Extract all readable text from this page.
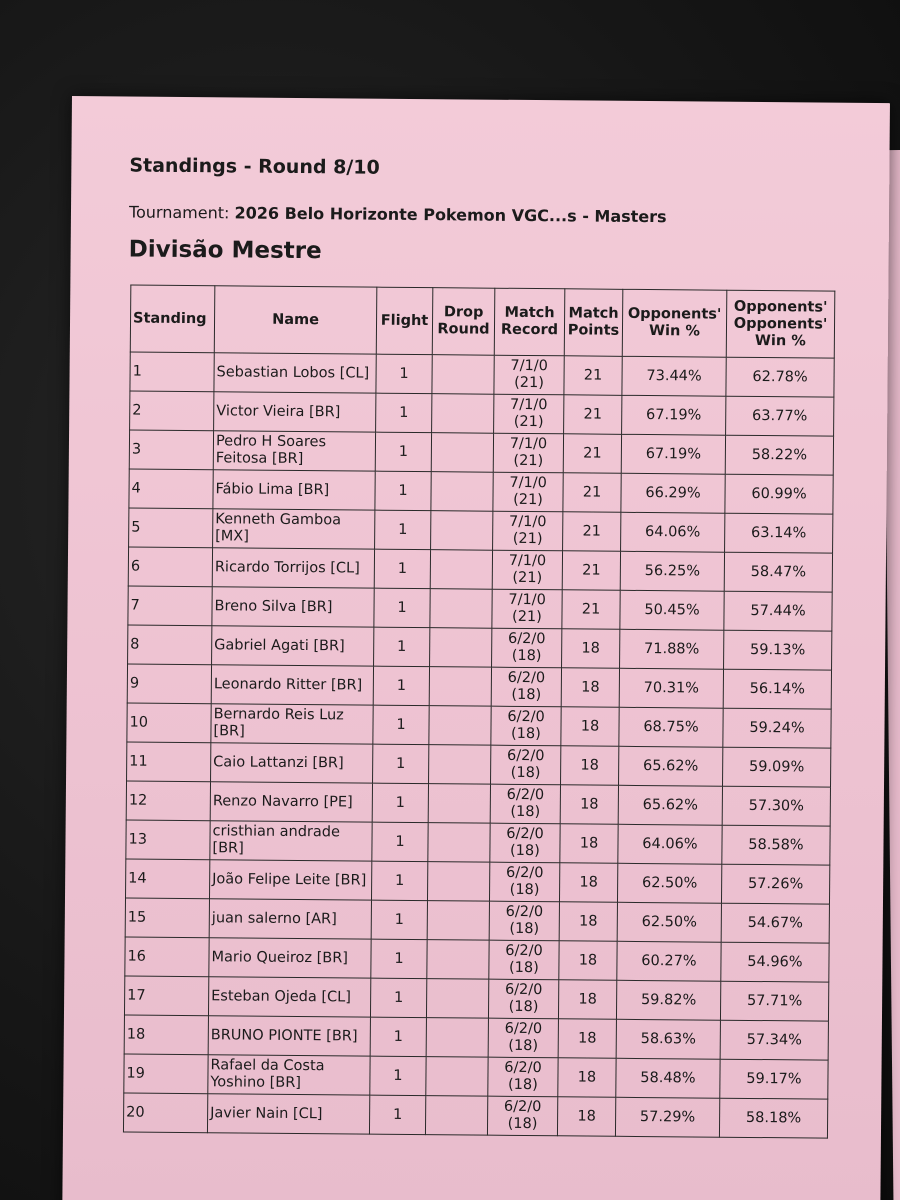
Standings - Round 8/10

Tournament: 2026 Belo Horizonte Pokemon VGC...s - Masters

Divisão Mestre
Standing	Name	Flight	Drop Round	Match Record	Match Points	Opponents' Win %	Opponents' Opponents' Win %
1	Sebastian Lobos [CL]	1		7/1/0 (21)	21	73.44%	62.78%
2	Victor Vieira [BR]	1		7/1/0 (21)	21	67.19%	63.77%
3	Pedro H Soares Feitosa [BR]	1		7/1/0 (21)	21	67.19%	58.22%
4	Fábio Lima [BR]	1		7/1/0 (21)	21	66.29%	60.99%
5	Kenneth Gamboa [MX]	1		7/1/0 (21)	21	64.06%	63.14%
6	Ricardo Torrijos [CL]	1		7/1/0 (21)	21	56.25%	58.47%
7	Breno Silva [BR]	1		7/1/0 (21)	21	50.45%	57.44%
8	Gabriel Agati [BR]	1		6/2/0 (18)	18	71.88%	59.13%
9	Leonardo Ritter [BR]	1		6/2/0 (18)	18	70.31%	56.14%
10	Bernardo Reis Luz [BR]	1		6/2/0 (18)	18	68.75%	59.24%
11	Caio Lattanzi [BR]	1		6/2/0 (18)	18	65.62%	59.09%
12	Renzo Navarro [PE]	1		6/2/0 (18)	18	65.62%	57.30%
13	cristhian andrade [BR]	1		6/2/0 (18)	18	64.06%	58.58%
14	João Felipe Leite [BR]	1		6/2/0 (18)	18	62.50%	57.26%
15	juan salerno [AR]	1		6/2/0 (18)	18	62.50%	54.67%
16	Mario Queiroz [BR]	1		6/2/0 (18)	18	60.27%	54.96%
17	Esteban Ojeda [CL]	1		6/2/0 (18)	18	59.82%	57.71%
18	BRUNO PIONTE [BR]	1		6/2/0 (18)	18	58.63%	57.34%
19	Rafael da Costa Yoshino [BR]	1		6/2/0 (18)	18	58.48%	59.17%
20	Javier Nain [CL]	1		6/2/0 (18)	18	57.29%	58.18%
